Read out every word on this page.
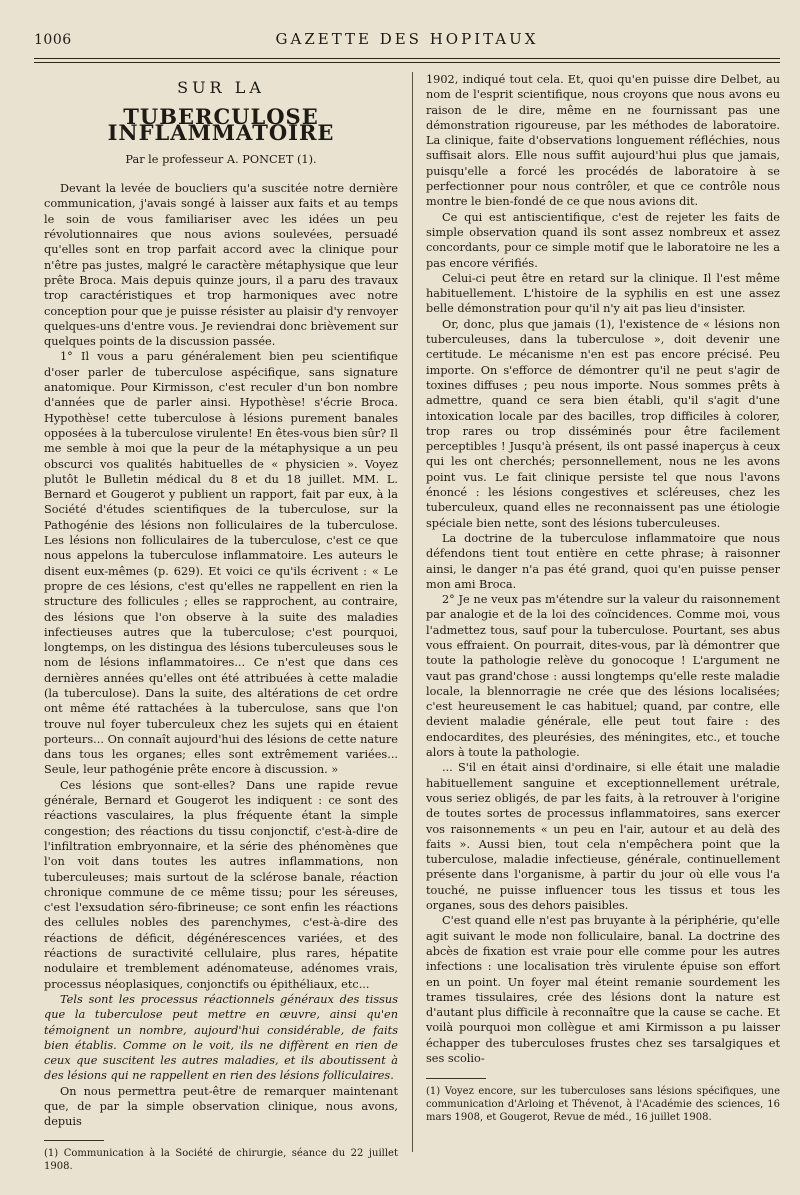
1006	GAZETTE DES HOPITAUX
SUR LA
TUBERCULOSE INFLAMMATOIRE
Par le professeur A. PONCET (1).

Devant la levée de boucliers qu'a suscitée notre dernière communication, j'avais songé à laisser aux faits et au temps le soin de vous familiariser avec les idées un peu révolutionnaires que nous avions soulevées, persuadé qu'elles sont en trop parfait accord avec la clinique pour n'être pas justes, malgré le caractère métaphysique que leur prête Broca. Mais depuis quinze jours, il a paru des travaux trop caractéristiques et trop harmoniques avec notre conception pour que je puisse résister au plaisir d'y renvoyer quelques-uns d'entre vous. Je reviendrai donc brièvement sur quelques points de la discussion passée.

1° Il vous a paru généralement bien peu scientifique d'oser parler de tuberculose aspécifique, sans signature anatomique. Pour Kirmisson, c'est reculer d'un bon nombre d'années que de parler ainsi. Hypothèse! s'écrie Broca. Hypothèse! cette tuberculose à lésions purement banales opposées à la tuberculose virulente! En êtes-vous bien sûr? Il me semble à moi que la peur de la métaphysique a un peu obscurci vos qualités habituelles de « physicien ». Voyez plutôt le Bulletin médical du 8 et du 18 juillet. MM. L. Bernard et Gougerot y publient un rapport, fait par eux, à la Société d'études scientifiques de la tuberculose, sur la Pathogénie des lésions non folliculaires de la tuberculose. Les lésions non folliculaires de la tuberculose, c'est ce que nous appelons la tuberculose inflammatoire. Les auteurs le disent eux-mêmes (p. 629). Et voici ce qu'ils écrivent : « Le propre de ces lésions, c'est qu'elles ne rappellent en rien la structure des follicules ; elles se rapprochent, au contraire, des lésions que l'on observe à la suite des maladies infectieuses autres que la tuberculose; c'est pourquoi, longtemps, on les distingua des lésions tuberculeuses sous le nom de lésions inflammatoires... Ce n'est que dans ces dernières années qu'elles ont été attribuées à cette maladie (la tuberculose). Dans la suite, des altérations de cet ordre ont même été rattachées à la tuberculose, sans que l'on trouve nul foyer tuberculeux chez les sujets qui en étaient porteurs... On connaît aujourd'hui des lésions de cette nature dans tous les organes; elles sont extrêmement variées... Seule, leur pathogénie prête encore à discussion. »

Ces lésions que sont-elles? Dans une rapide revue générale, Bernard et Gougerot les indiquent : ce sont des réactions vasculaires, la plus fréquente étant la simple congestion; des réactions du tissu conjonctif, c'est-à-dire de l'infiltration embryonnaire, et la série des phénomènes que l'on voit dans toutes les autres inflammations, non tuberculeuses; mais surtout de la sclérose banale, réaction chronique commune de ce même tissu; pour les séreuses, c'est l'exsudation séro-fibrineuse; ce sont enfin les réactions des cellules nobles des parenchymes, c'est-à-dire des réactions de déficit, dégénérescences variées, et des réactions de suractivité cellulaire, plus rares, hépatite nodulaire et tremblement adénomateuse, adénomes vrais, processus néoplasiques, conjonctifs ou épithéliaux, etc...

Tels sont les processus réactionnels généraux des tissus que la tuberculose peut mettre en œuvre, ainsi qu'en témoignent un nombre, aujourd'hui considérable, de faits bien établis. Comme on le voit, ils ne diffèrent en rien de ceux que suscitent les autres maladies, et ils aboutissent à des lésions qui ne rappellent en rien des lésions folliculaires.

On nous permettra peut-être de remarquer maintenant que, de par la simple observation clinique, nous avons, depuis

(1) Communication à la Société de chirurgie, séance du 22 juillet 1908.

1902, indiqué tout cela. Et, quoi qu'en puisse dire Delbet, au nom de l'esprit scientifique, nous croyons que nous avons eu raison de le dire, même en ne fournissant pas une démonstration rigoureuse, par les méthodes de laboratoire. La clinique, faite d'observations longuement réfléchies, nous suffisait alors. Elle nous suffit aujourd'hui plus que jamais, puisqu'elle a forcé les procédés de laboratoire à se perfectionner pour nous contrôler, et que ce contrôle nous montre le bien-fondé de ce que nous avions dit.

Ce qui est antiscientifique, c'est de rejeter les faits de simple observation quand ils sont assez nombreux et assez concordants, pour ce simple motif que le laboratoire ne les a pas encore vérifiés.

Celui-ci peut être en retard sur la clinique. Il l'est même habituellement. L'histoire de la syphilis en est une assez belle démonstration pour qu'il n'y ait pas lieu d'insister.

Or, donc, plus que jamais (1), l'existence de « lésions non tuberculeuses, dans la tuberculose », doit devenir une certitude. Le mécanisme n'en est pas encore précisé. Peu importe. On s'efforce de démontrer qu'il ne peut s'agir de toxines diffuses ; peu nous importe. Nous sommes prêts à admettre, quand ce sera bien établi, qu'il s'agit d'une intoxication locale par des bacilles, trop difficiles à colorer, trop rares ou trop disséminés pour être facilement perceptibles ! Jusqu'à présent, ils ont passé inaperçus à ceux qui les ont cherchés; personnellement, nous ne les avons point vus. Le fait clinique persiste tel que nous l'avons énoncé : les lésions congestives et scléreuses, chez les tuberculeux, quand elles ne reconnaissent pas une étiologie spéciale bien nette, sont des lésions tuberculeuses.

La doctrine de la tuberculose inflammatoire que nous défendons tient tout entière en cette phrase; à raisonner ainsi, le danger n'a pas été grand, quoi qu'en puisse penser mon ami Broca.

2° Je ne veux pas m'étendre sur la valeur du raisonnement par analogie et de la loi des coïncidences. Comme moi, vous l'admettez tous, sauf pour la tuberculose. Pourtant, ses abus vous effraient. On pourrait, dites-vous, par là démontrer que toute la pathologie relève du gonocoque ! L'argument ne vaut pas grand'chose : aussi longtemps qu'elle reste maladie locale, la blennorragie ne crée que des lésions localisées; c'est heureusement le cas habituel; quand, par contre, elle devient maladie générale, elle peut tout faire : des endocardites, des pleurésies, des méningites, etc., et touche alors à toute la pathologie.

... S'il en était ainsi d'ordinaire, si elle était une maladie habituellement sanguine et exceptionnellement urétrale, vous seriez obligés, de par les faits, à la retrouver à l'origine de toutes sortes de processus inflammatoires, sans exercer vos raisonnements « un peu en l'air, autour et au delà des faits ». Aussi bien, tout cela n'empêchera point que la tuberculose, maladie infectieuse, générale, continuellement présente dans l'organisme, à partir du jour où elle vous l'a touché, ne puisse influencer tous les tissus et tous les organes, sous des dehors paisibles.

C'est quand elle n'est pas bruyante à la périphérie, qu'elle agit suivant le mode non folliculaire, banal. La doctrine des abcès de fixation est vraie pour elle comme pour les autres infections : une localisation très virulente épuise son effort en un point. Un foyer mal éteint remanie sourdement les trames tissulaires, crée des lésions dont la nature est d'autant plus difficile à reconnaître que la cause se cache. Et voilà pourquoi mon collègue et ami Kirmisson a pu laisser échapper des tuberculoses frustes chez ses tarsalgiques et ses scolio-

(1) Voyez encore, sur les tuberculoses sans lésions spécifiques, une communication d'Arloing et Thévenot, à l'Académie des sciences, 16 mars 1908, et Gougerot, Revue de méd., 16 juillet 1908.
